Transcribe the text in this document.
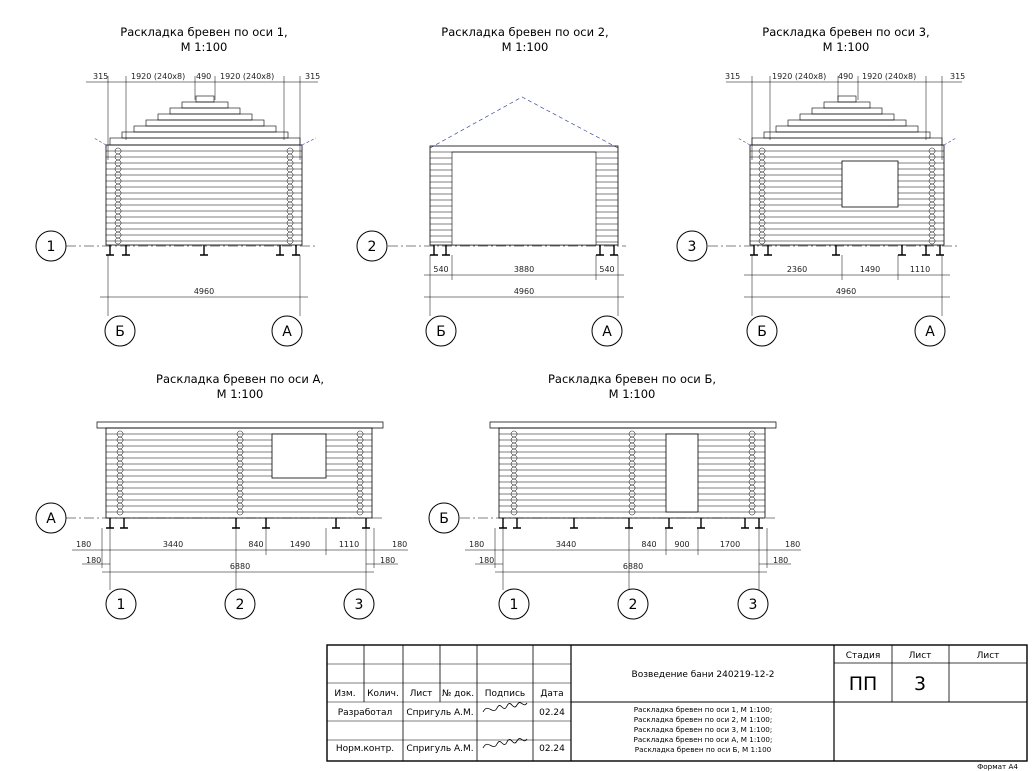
Раскладка бревен по оси 1,
М 1:100
315	1920 (240x8) 490 1920 (240x8)	315
1
4960
Б	А
Раскладка бревен по оси 2,
М 1:100
2
540	3880	540
4960
Б	А
Раскладка бревен по оси 3,
М 1:100
315	1920 (240x8) 490 1920 (240x8)	315
3
2360	1490	1110
4960
Б	А
Раскладка бревен по оси А,
М 1:100
А
180	3440	840	1490	1110	180
180	180
6880
1	2	3
Раскладка бревен по оси Б,
М 1:100
Б
180	3440	840 900	1700	180
180	180
6880
1	2	3
Изм. Колич. Лист № док. Подпись Дата
Разработал Спригуль А.М.	02.24
Норм.контр. Спригуль А.М.	02.24
Возведение бани 240219-12-2
Раскладка бревен по оси 1, М 1:100;
Раскладка бревен по оси 2, М 1:100;
Раскладка бревен по оси 3, М 1:100;
Раскладка бревен по оси А, М 1:100;
Раскладка бревен по оси Б, М 1:100
Стадия	Лист	Лист
ПП 3
Формат А4
